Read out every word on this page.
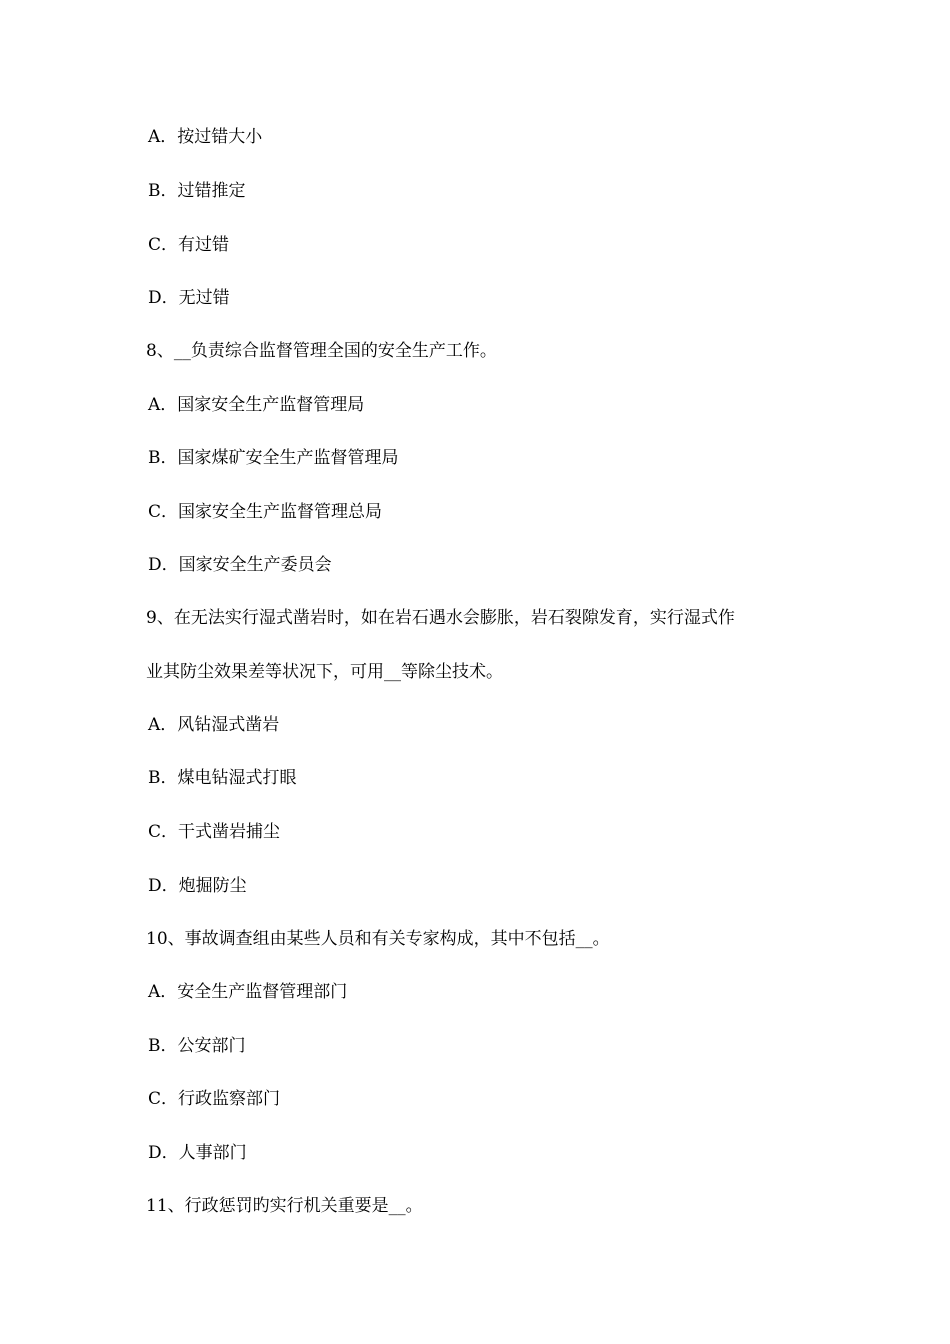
A．按过错大小
B．过错推定
C．有过错
D．无过错
8、__负责综合监督管理全国的安全生产工作。
A．国家安全生产监督管理局
B．国家煤矿安全生产监督管理局
C．国家安全生产监督管理总局
D．国家安全生产委员会
9、在无法实行湿式凿岩时，如在岩石遇水会膨胀，岩石裂隙发育，实行湿式作
业其防尘效果差等状况下，可用__等除尘技术。
A．风钻湿式凿岩
B．煤电钻湿式打眼
C．干式凿岩捕尘
D．炮掘防尘
10、事故调查组由某些人员和有关专家构成，其中不包括__。
A．安全生产监督管理部门
B．公安部门
C．行政监察部门
D．人事部门
11、行政惩罚旳实行机关重要是__。
